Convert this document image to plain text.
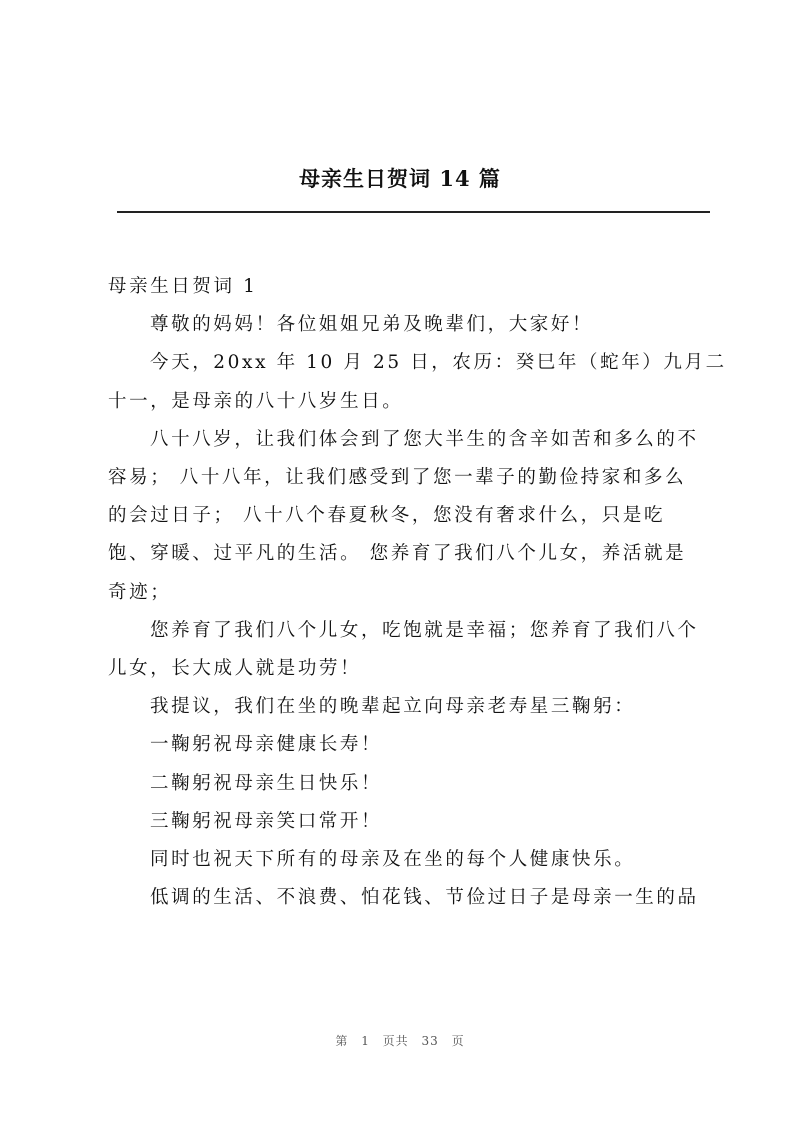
母亲生日贺词 14 篇

母亲生日贺词 1

尊敬的妈妈！各位姐姐兄弟及晚辈们，大家好！

今天，20xx 年 10 月 25 日，农历：癸巳年（蛇年）九月二

十一，是母亲的八十八岁生日。

八十八岁，让我们体会到了您大半生的含辛如苦和多么的不

容易； 八十八年，让我们感受到了您一辈子的勤俭持家和多么

的会过日子； 八十八个春夏秋冬，您没有奢求什么，只是吃

饱、穿暖、过平凡的生活。 您养育了我们八个儿女，养活就是

奇迹；

您养育了我们八个儿女，吃饱就是幸福；您养育了我们八个

儿女，长大成人就是功劳！

我提议，我们在坐的晚辈起立向母亲老寿星三鞠躬：

一鞠躬祝母亲健康长寿！

二鞠躬祝母亲生日快乐！

三鞠躬祝母亲笑口常开！

同时也祝天下所有的母亲及在坐的每个人健康快乐。

低调的生活、不浪费、怕花钱、节俭过日子是母亲一生的品

第 1 页共 33 页
